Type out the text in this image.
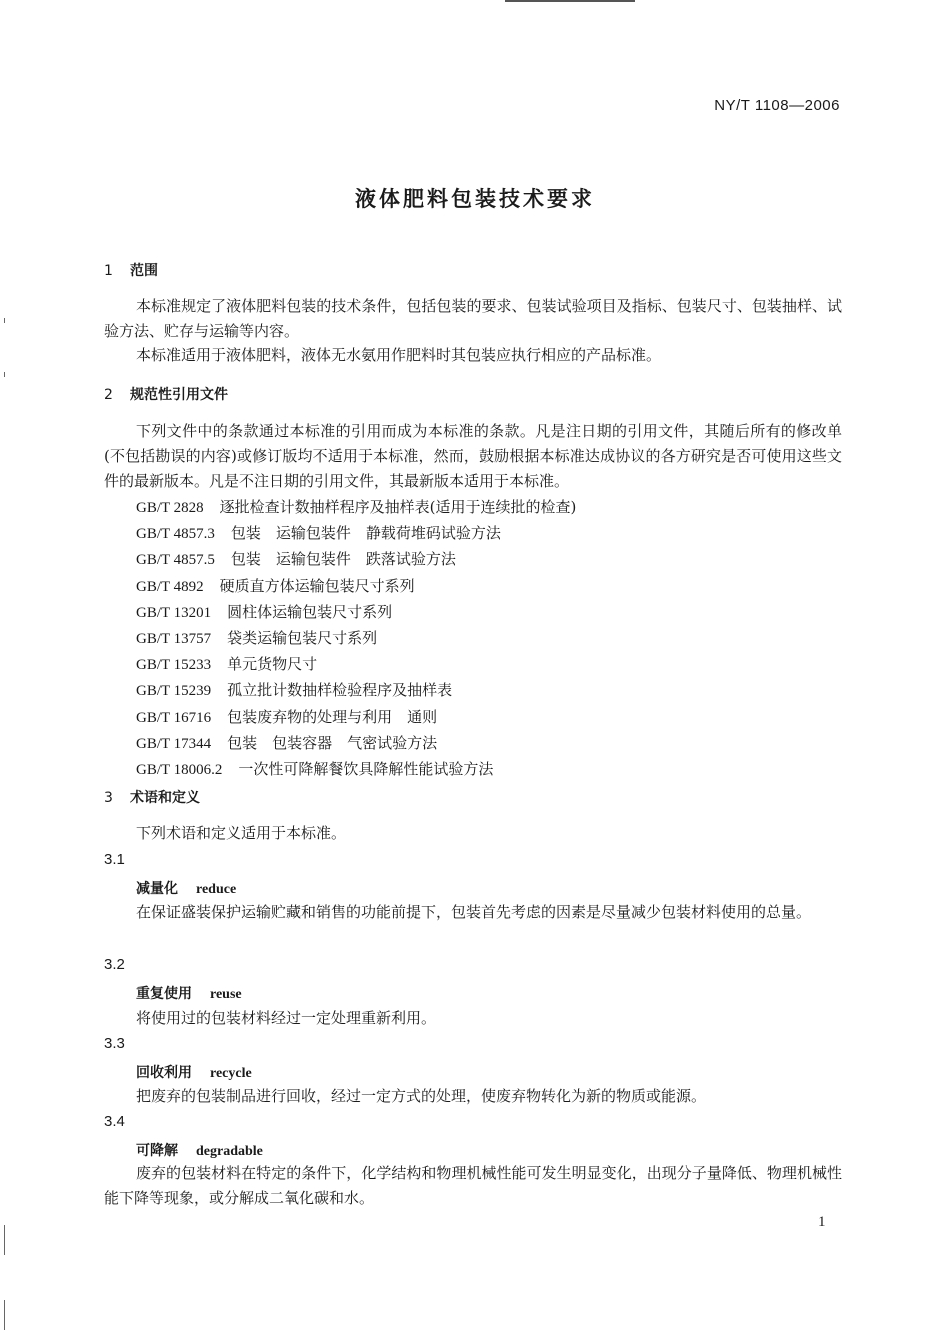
NY/T 1108—2006
液体肥料包装技术要求
1 范围

本标准规定了液体肥料包装的技术条件，包括包装的要求、包装试验项目及指标、包装尺寸、包装抽样、试验方法、贮存与运输等内容。

本标准适用于液体肥料，液体无水氨用作肥料时其包装应执行相应的产品标准。

2 规范性引用文件

下列文件中的条款通过本标准的引用而成为本标准的条款。凡是注日期的引用文件，其随后所有的修改单(不包括勘误的内容)或修订版均不适用于本标准，然而，鼓励根据本标准达成协议的各方研究是否可使用这些文件的最新版本。凡是不注日期的引用文件，其最新版本适用于本标准。

GB/T 2828 逐批检查计数抽样程序及抽样表(适用于连续批的检查)
GB/T 4857.3 包装　运输包装件　静载荷堆码试验方法
GB/T 4857.5 包装　运输包装件　跌落试验方法
GB/T 4892 硬质直方体运输包装尺寸系列
GB/T 13201 圆柱体运输包装尺寸系列
GB/T 13757 袋类运输包装尺寸系列
GB/T 15233 单元货物尺寸
GB/T 15239 孤立批计数抽样检验程序及抽样表
GB/T 16716 包装废弃物的处理与利用　通则
GB/T 17344 包装　包装容器　气密试验方法
GB/T 18006.2 一次性可降解餐饮具降解性能试验方法
3 术语和定义

下列术语和定义适用于本标准。

3.1
减量化 reduce

在保证盛装保护运输贮藏和销售的功能前提下，包装首先考虑的因素是尽量减少包装材料使用的总量。

3.2
重复使用 reuse

将使用过的包装材料经过一定处理重新利用。

3.3
回收利用 recycle

把废弃的包装制品进行回收，经过一定方式的处理，使废弃物转化为新的物质或能源。

3.4
可降解 degradable

废弃的包装材料在特定的条件下，化学结构和物理机械性能可发生明显变化，出现分子量降低、物理机械性能下降等现象，或分解成二氧化碳和水。

1
